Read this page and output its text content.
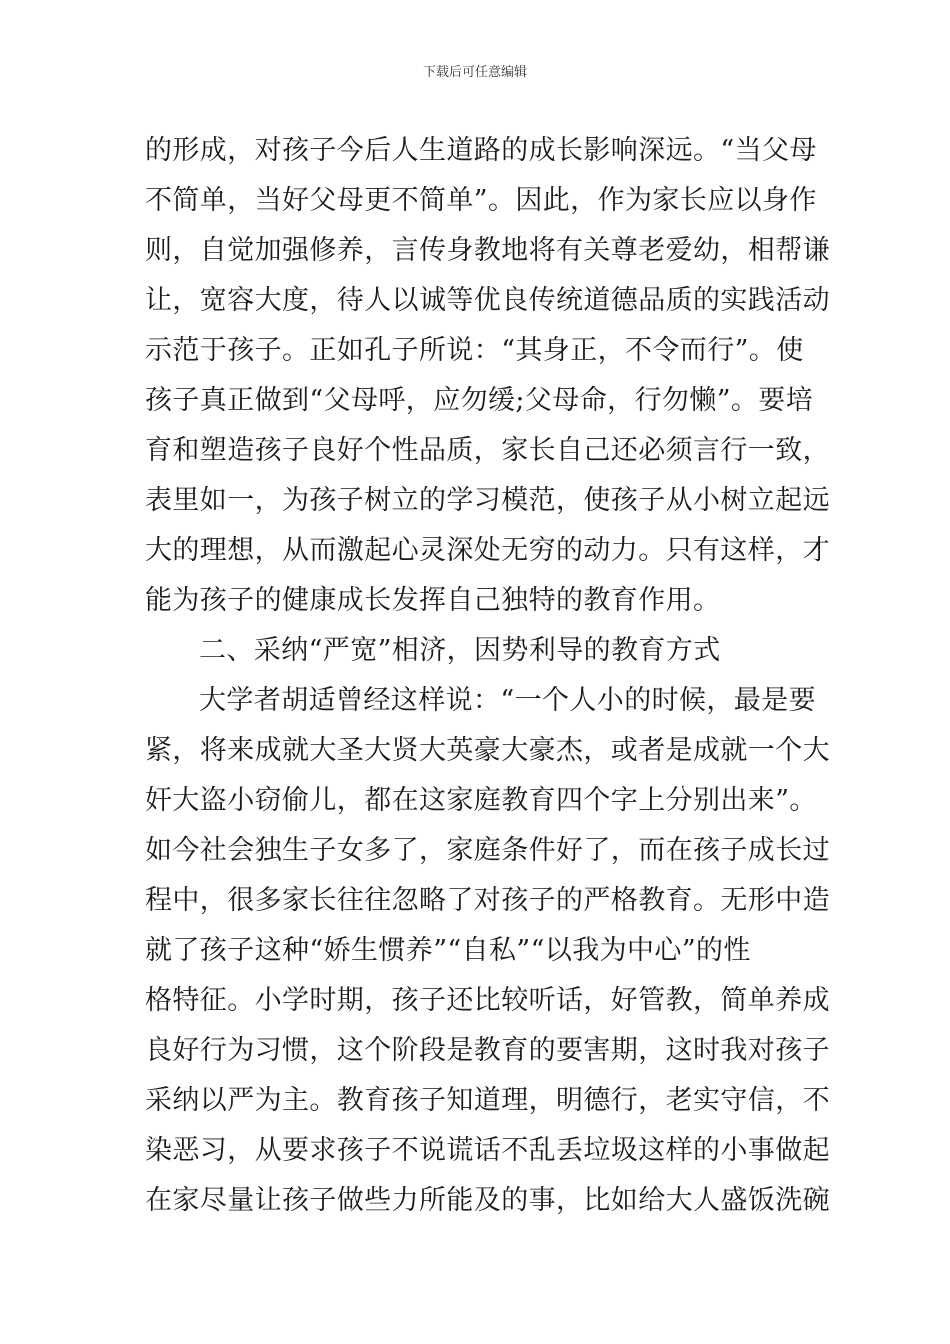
下载后可任意编辑
的形成，对孩子今后人生道路的成长影响深远。“当父母
不简单，当好父母更不简单”。因此，作为家长应以身作
则，自觉加强修养，言传身教地将有关尊老爱幼，相帮谦
让，宽容大度，待人以诚等优良传统道德品质的实践活动
示范于孩子。正如孔子所说：“其身正，不令而行”。使
孩子真正做到“父母呼，应勿缓;父母命，行勿懒”。要培
育和塑造孩子良好个性品质，家长自己还必须言行一致，
表里如一，为孩子树立的学习模范，使孩子从小树立起远
大的理想，从而激起心灵深处无穷的动力。只有这样，才
能为孩子的健康成长发挥自己独特的教育作用。
二、采纳“严宽”相济，因势利导的教育方式
大学者胡适曾经这样说：“一个人小的时候，最是要
紧，将来成就大圣大贤大英豪大豪杰，或者是成就一个大
奸大盗小窃偷儿，都在这家庭教育四个字上分别出来”。
如今社会独生子女多了，家庭条件好了，而在孩子成长过
程中，很多家长往往忽略了对孩子的严格教育。无形中造
就了孩子这种“娇生惯养”“自私”“以我为中心”的性
格特征。小学时期，孩子还比较听话，好管教，简单养成
良好行为习惯，这个阶段是教育的要害期，这时我对孩子
采纳以严为主。教育孩子知道理，明德行，老实守信，不
染恶习，从要求孩子不说谎话不乱丢垃圾这样的小事做起
在家尽量让孩子做些力所能及的事，比如给大人盛饭洗碗
